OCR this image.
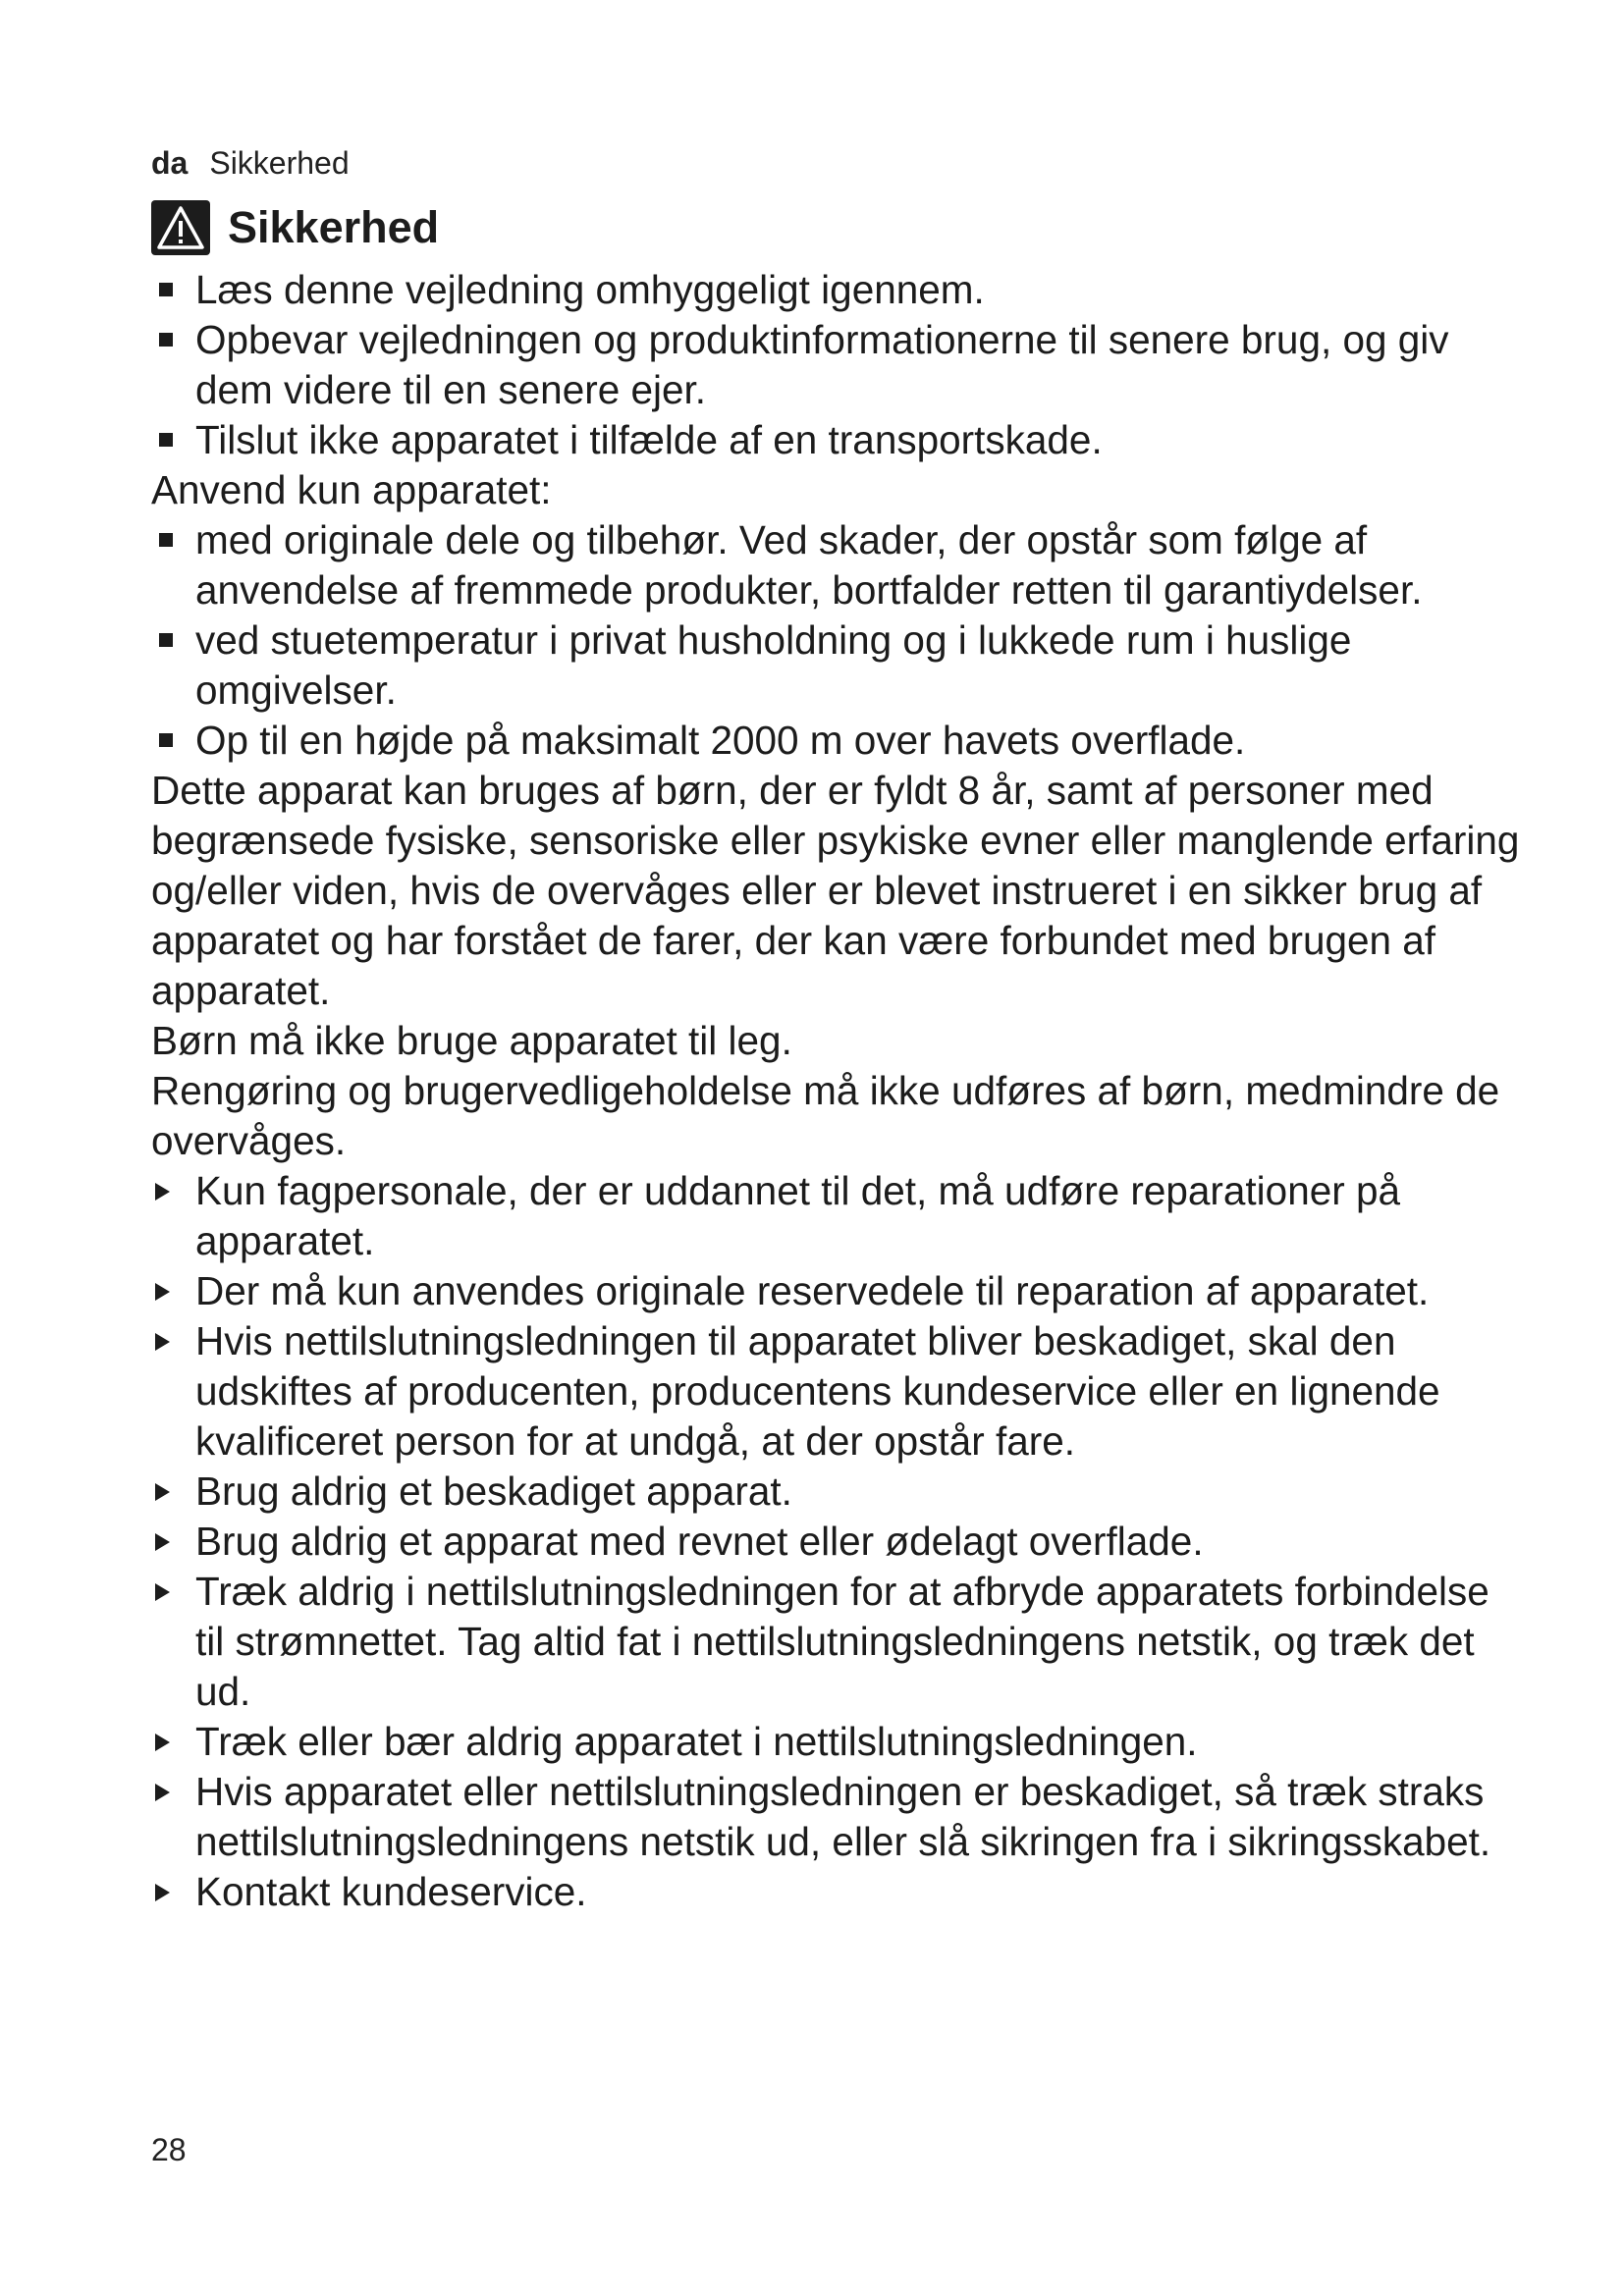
da Sikkerhed
Sikkerhed
Læs denne vejledning omhyggeligt igennem.
Opbevar vejledningen og produktinformationerne til senere brug, og giv dem videre til en senere ejer.
Tilslut ikke apparatet i tilfælde af en transportskade.

Anvend kun apparatet:

med originale dele og tilbehør. Ved skader, der opstår som følge af anvendelse af fremmede produkter, bortfalder retten til garantiydelser.
ved stuetemperatur i privat husholdning og i lukkede rum i huslige omgivelser.
Op til en højde på maksimalt 2000 m over havets overflade.

Dette apparat kan bruges af børn, der er fyldt 8 år, samt af personer med begrænsede fysiske, sensoriske eller psykiske evner eller manglende erfaring og/eller viden, hvis de overvåges eller er blevet instrueret i en sikker brug af apparatet og har forstået de farer, der kan være forbundet med brugen af apparatet.

Børn må ikke bruge apparatet til leg.

Rengøring og brugervedligeholdelse må ikke udføres af børn, medmindre de overvåges.

Kun fagpersonale, der er uddannet til det, må udføre reparationer på apparatet.
Der må kun anvendes originale reservedele til reparation af apparatet.
Hvis nettilslutningsledningen til apparatet bliver beskadiget, skal den udskiftes af producenten, producentens kundeservice eller en lignende kvalificeret person for at undgå, at der opstår fare.
Brug aldrig et beskadiget apparat.
Brug aldrig et apparat med revnet eller ødelagt overflade.
Træk aldrig i nettilslutningsledningen for at afbryde apparatets forbindelse til strømnettet. Tag altid fat i nettilslutningsledningens netstik, og træk det ud.
Træk eller bær aldrig apparatet i nettilslutningsledningen.
Hvis apparatet eller nettilslutningsledningen er beskadiget, så træk straks nettilslutningsledningens netstik ud, eller slå sikringen fra i sikringsskabet.
Kontakt kundeservice.
28
